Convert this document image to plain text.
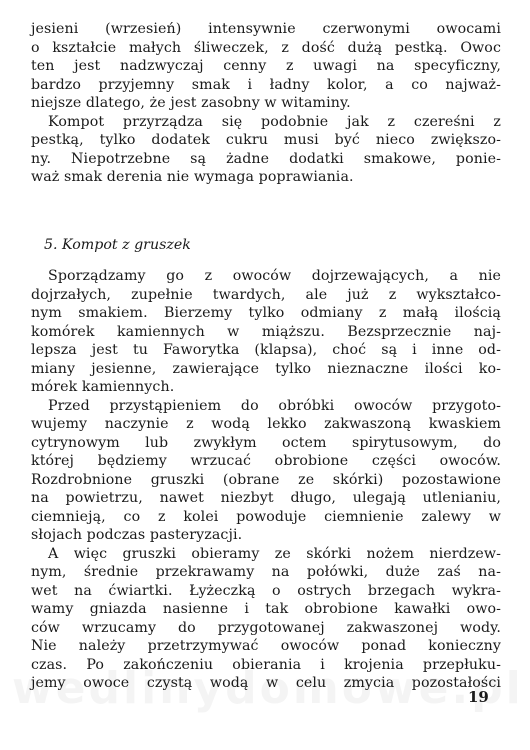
jesieni (wrzesień) intensywnie czerwonymi owocami
o kształcie małych śliweczek, z dość dużą pestką. Owoc
ten jest nadzwyczaj cenny z uwagi na specyficzny,
bardzo przyjemny smak i ładny kolor, a co najważ-
niejsze dlatego, że jest zasobny w witaminy.
Kompot przyrządza się podobnie jak z czereśni z
pestką, tylko dodatek cukru musi być nieco zwiększo-
ny. Niepotrzebne są żadne dodatki smakowe, ponie-
waż smak derenia nie wymaga poprawiania.
5. Kompot z gruszek
Sporządzamy go z owoców dojrzewających, a nie
dojrzałych, zupełnie twardych, ale już z wykształco-
nym smakiem. Bierzemy tylko odmiany z małą ilością
komórek kamiennych w miąższu. Bezsprzecznie naj-
lepsza jest tu Faworytka (klapsa), choć są i inne od-
miany jesienne, zawierające tylko nieznaczne ilości ko-
mórek kamiennych.
Przed przystąpieniem do obróbki owoców przygoto-
wujemy naczynie z wodą lekko zakwaszoną kwaskiem
cytrynowym lub zwykłym octem spirytusowym, do
której będziemy wrzucać obrobione części owoców.
Rozdrobnione gruszki (obrane ze skórki) pozostawione
na powietrzu, nawet niezbyt długo, ulegają utlenianiu,
ciemnieją, co z kolei powoduje ciemnienie zalewy w
słojach podczas pasteryzacji.
A więc gruszki obieramy ze skórki nożem nierdzew-
nym, średnie przekrawamy na połówki, duże zaś na-
wet na ćwiartki. Łyżeczką o ostrych brzegach wykra-
wamy gniazda nasienne i tak obrobione kawałki owo-
ców wrzucamy do przygotowanej zakwaszonej wody.
Nie należy przetrzymywać owoców ponad konieczny
czas. Po zakończeniu obierania i krojenia przepłuku-
jemy owoce czystą wodą w celu zmycia pozostałości
19
